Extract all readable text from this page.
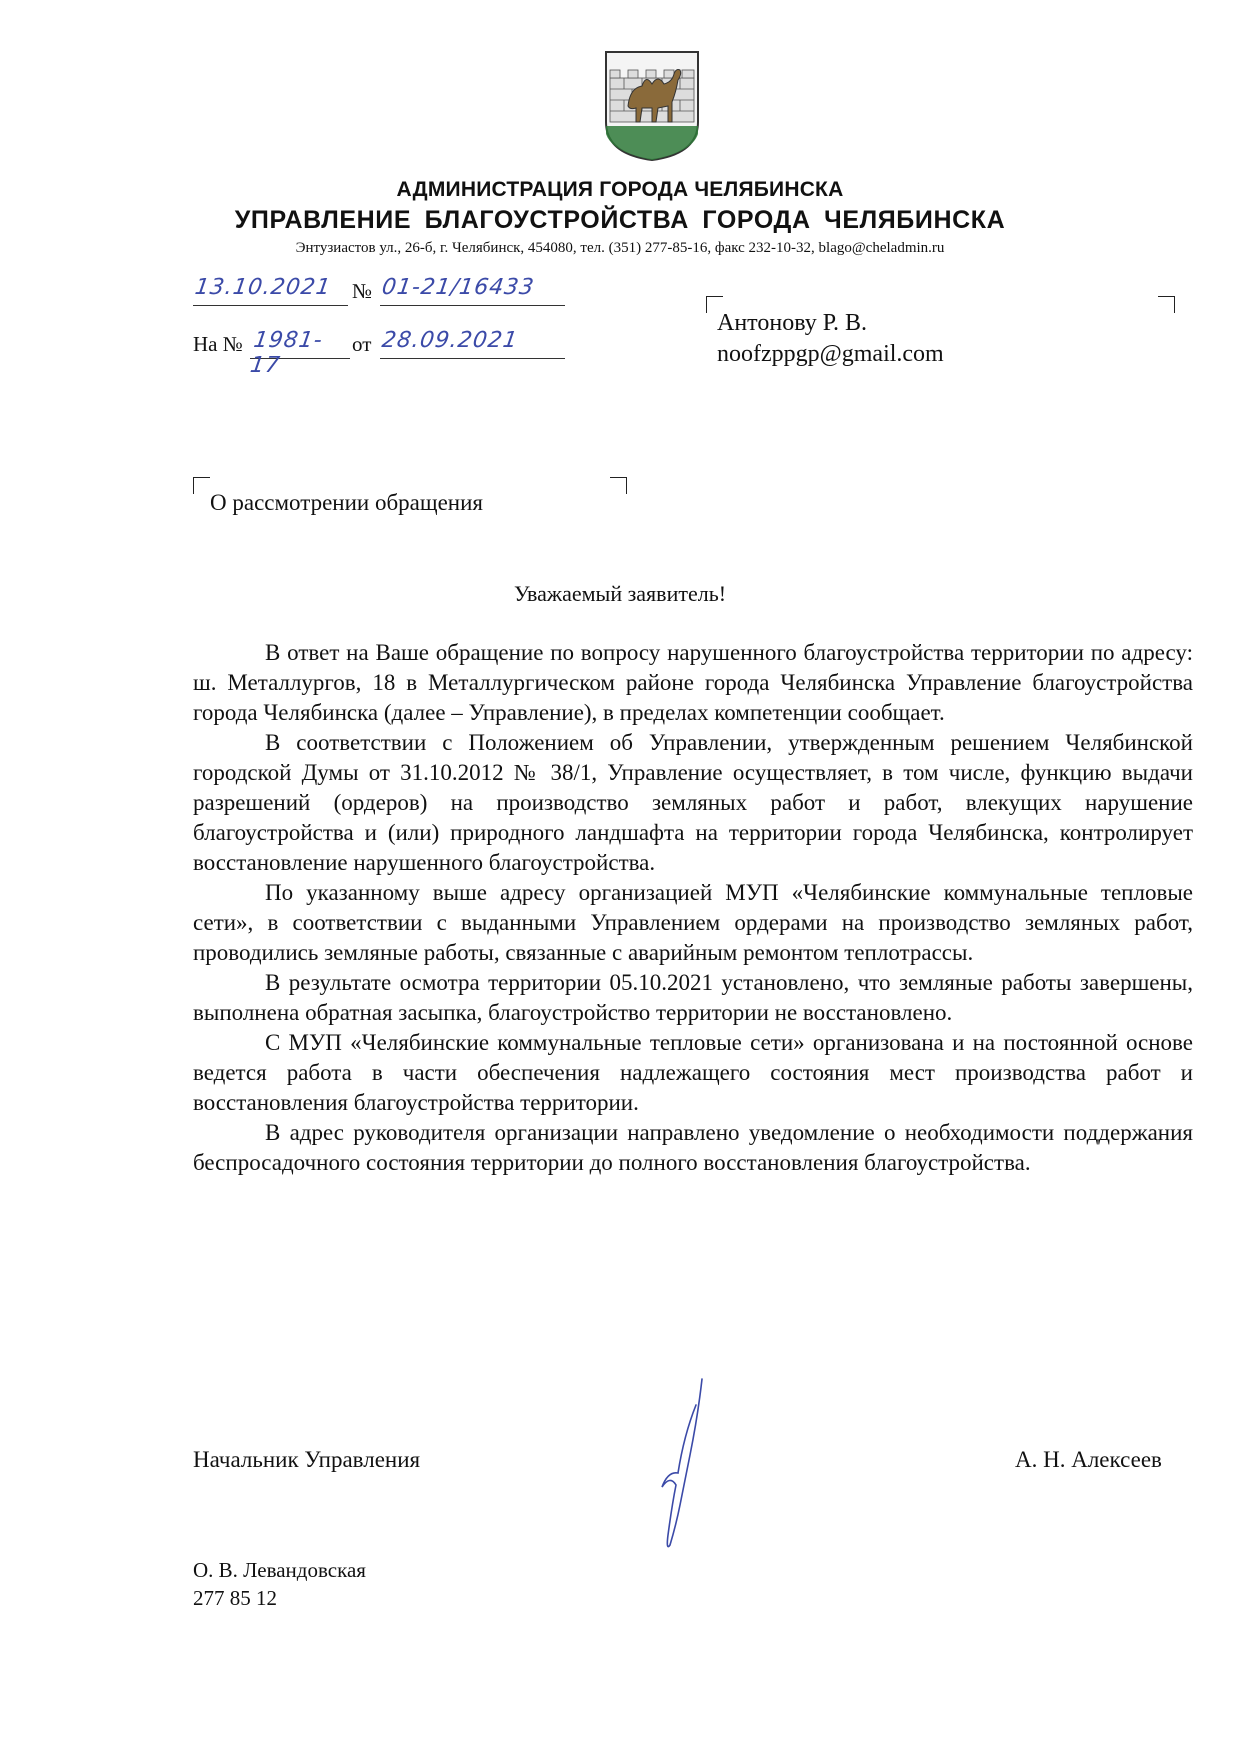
АДМИНИСТРАЦИЯ ГОРОДА ЧЕЛЯБИНСКА
УПРАВЛЕНИЕ БЛАГОУСТРОЙСТВА ГОРОДА ЧЕЛЯБИНСКА
Энтузиастов ул., 26-б, г. Челябинск, 454080, тел. (351) 277-85-16, факс 232-10-32, blago@cheladmin.ru
13.10.2021 № 01-21/16433
На № 1981-17
от 28.09.2021
Антонову Р. В.
noofzppgp@gmail.com
О рассмотрении обращения
Уважаемый заявитель!

В ответ на Ваше обращение по вопросу нарушенного благоустройства территории по адресу: ш. Металлургов, 18 в Металлургическом районе города Челябинска Управление благоустройства города Челябинска (далее – Управление), в пределах компетенции сообщает.

В соответствии с Положением об Управлении, утвержденным решением Челябинской городской Думы от 31.10.2012 № 38/1, Управление осуществляет, в том числе, функцию выдачи разрешений (ордеров) на производство земляных работ и работ, влекущих нарушение благоустройства и (или) природного ландшафта на территории города Челябинска, контролирует восстановление нарушенного благоустройства.

По указанному выше адресу организацией МУП «Челябинские коммунальные тепловые сети», в соответствии с выданными Управлением ордерами на производство земляных работ, проводились земляные работы, связанные с аварийным ремонтом теплотрассы.

В результате осмотра территории 05.10.2021 установлено, что земляные работы завершены, выполнена обратная засыпка, благоустройство территории не восстановлено.

С МУП «Челябинские коммунальные тепловые сети» организована и на постоянной основе ведется работа в части обеспечения надлежащего состояния мест производства работ и восстановления благоустройства территории.

В адрес руководителя организации направлено уведомление о необходимости поддержания беспросадочного состояния территории до полного восстановления благоустройства.

Начальник Управления	А. Н. Алексеев
О. В. Левандовская
277 85 12
